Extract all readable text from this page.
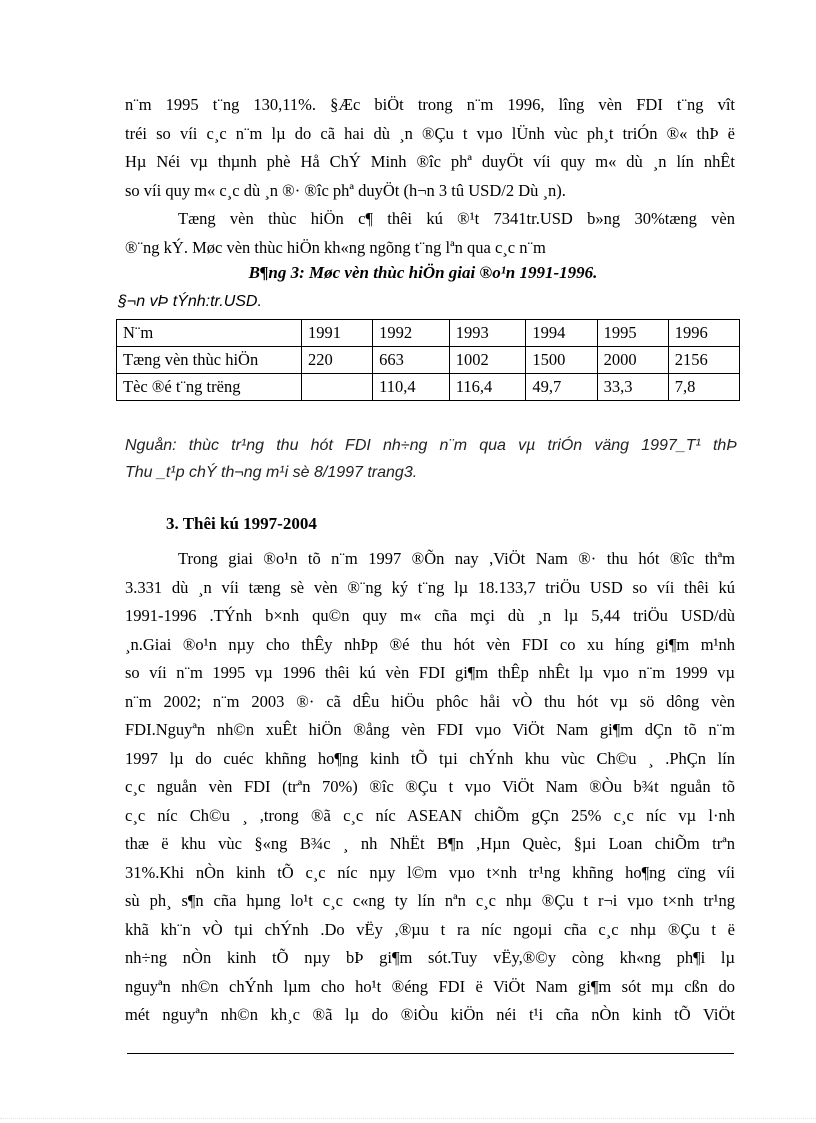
n¨m 1995 t¨ng 130,11%. §Æc biÖt trong n¨m 1996, lîng vèn FDI t¨ng vît
tréi so víi c¸c n¨m lµ do cã hai dù ¸n ®Çu t vµo lÜnh vùc ph¸t triÓn ®« thÞ ë
Hµ Néi vµ thµnh phè Hå ChÝ Minh ®îc phª duyÖt víi quy m« dù ¸n lín nhÊt
so víi quy m« c¸c dù ¸n ®· ®îc phª duyÖt (h¬n 3 tû USD/2 Dù ¸n).

Tæng vèn thùc hiÖn c¶ thêi kú ®¹t 7341tr.USD b»ng 30%tæng vèn
®¨ng kÝ. Møc vèn thùc hiÖn kh«ng ngõng t¨ng lªn qua c¸c n¨m

B¶ng 3: Møc vèn thùc hiÖn giai ®o¹n 1991-1996.
§¬n vÞ tÝnh:tr.USD.
N¨m	1991	1992	1993	1994	1995	1996
Tæng vèn thùc hiÖn	220	663	1002	1500	2000	2156
Tèc ®é t¨ng trëng		110,4	116,4	49,7	33,3	7,8
Nguån: thùc tr¹ng thu hót FDI nh÷ng n¨m qua vµ triÓn väng 1997_T¹ thÞ
Thu _t¹p chÝ th¬ng m¹i sè 8/1997 trang3.
3. Thêi kú 1997-2004

Trong giai ®o¹n tõ n¨m 1997 ®Õn nay ,ViÖt Nam ®· thu hót ®îc thªm
3.331 dù ¸n víi tæng sè vèn ®¨ng ký t¨ng lµ 18.133,7 triÖu USD so víi thêi kú
1991-1996 .TÝnh b×nh qu©n quy m« cña mçi dù ¸n lµ 5,44 triÖu USD/dù
¸n.Giai ®o¹n nµy cho thÊy nhÞp ®é thu hót vèn FDI co xu híng gi¶m m¹nh
so víi n¨m 1995 vµ 1996 thêi kú vèn FDI gi¶m thÊp nhÊt lµ vµo n¨m 1999 vµ
n¨m 2002; n¨m 2003 ®· cã dÊu hiÖu phôc håi vÒ thu hót vµ sö dông vèn
FDI.Nguyªn nh©n xuÊt hiÖn ®ång vèn FDI vµo ViÖt Nam gi¶m dÇn tõ n¨m
1997 lµ do cuéc khñng ho¶ng kinh tÕ tµi chÝnh khu vùc Ch©u ¸ .PhÇn lín
c¸c nguån vèn FDI (trªn 70%) ®îc ®Çu t vµo ViÖt Nam ®Òu b¾t nguån tõ
c¸c níc Ch©u ¸ ,trong ®ã c¸c níc ASEAN chiÕm gÇn 25% c¸c níc vµ l·nh
thæ ë khu vùc §«ng B¾c ¸ nh NhËt B¶n ,Hµn Quèc, §µi Loan chiÕm trªn
31%.Khi nÒn kinh tÕ c¸c níc nµy l©m vµo t×nh tr¹ng khñng ho¶ng cïng víi
sù ph¸ s¶n cña hµng lo¹t c¸c c«ng ty lín nªn c¸c nhµ ®Çu t r¬i vµo t×nh tr¹ng
khã kh¨n vÒ tµi chÝnh .Do vËy ,®µu t ra níc ngoµi cña c¸c nhµ ®Çu t ë
nh÷ng nÒn kinh tÕ nµy bÞ gi¶m sót.Tuy vËy,®©y còng kh«ng ph¶i lµ
nguyªn nh©n chÝnh lµm cho ho¹t ®éng FDI ë ViÖt Nam gi¶m sót mµ cßn do
mét nguyªn nh©n kh¸c ®ã lµ do ®iÒu kiÖn néi t¹i cña nÒn kinh tÕ ViÖt
